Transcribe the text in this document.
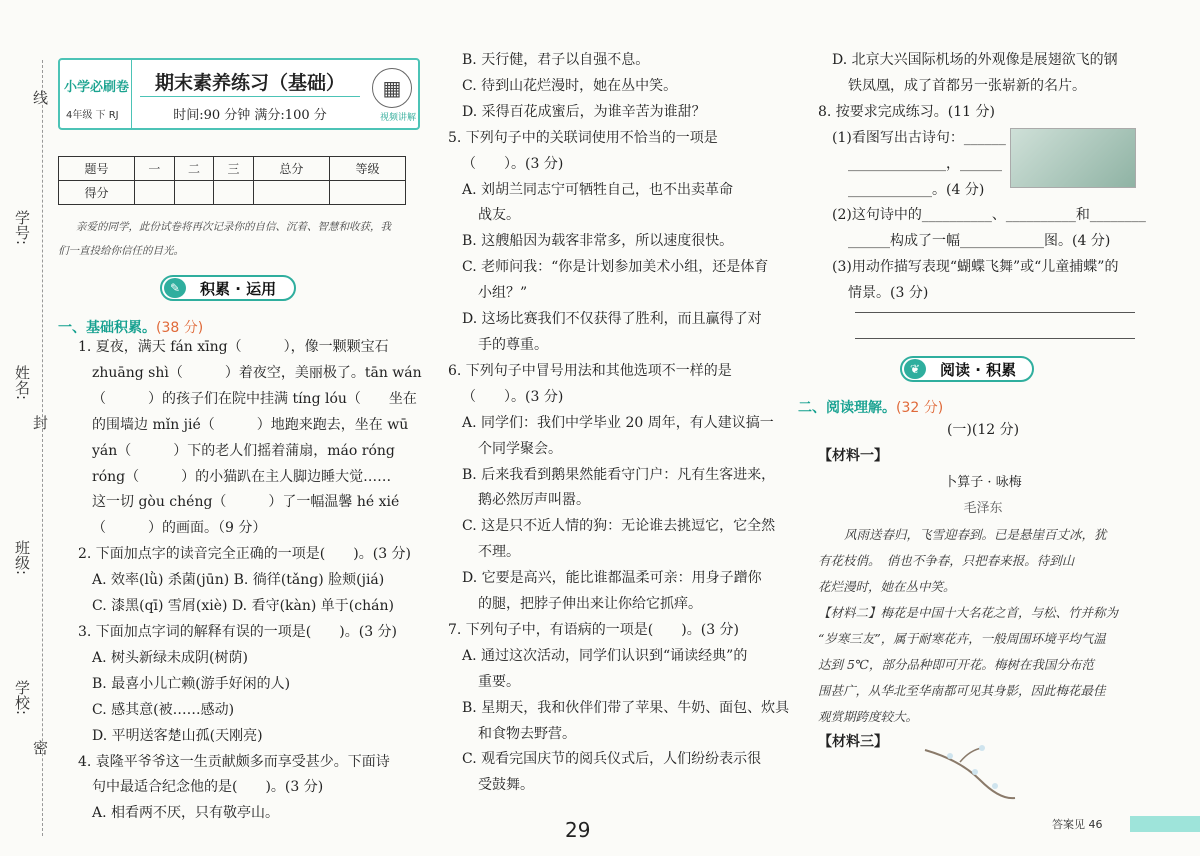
线
学号:
姓名:
封
班级:
学校:
密
小学必刷卷
4年级 下 RJ
期末素养练习（基础）
时间:90 分钟 满分:100 分
▦
视频讲解
题号	一	二	三	总分	等级
得分					

亲爱的同学，此份试卷将再次记录你的自信、沉着、智慧和收获，我

们一直投给你信任的目光。

✎	积累 · 运用
一、基础积累。(38 分)

1. 夏夜，满天 fán xīng（　　　），像一颗颗宝石

zhuāng shì（　　　）着夜空，美丽极了。tān wán

（　　　）的孩子们在院中挂满 tíng lóu（　　坐在

的围墙边 mǐn jié（　　　）地跑来跑去，坐在 wū

yán（　　　）下的老人们摇着蒲扇，máo róng

róng（　　　）的小猫趴在主人脚边睡大觉……

这一切 gòu chéng（　　　）了一幅温馨 hé xié

（　　　）的画面。（9 分）

2. 下面加点字的读音完全正确的一项是(　　)。(3 分)

A. 效率(lǜ) 杀菌(jūn) B. 徜徉(tǎng) 脸颊(jiá)

C. 漆黑(qī) 雪屑(xiè) D. 看守(kàn) 单于(chán)

3. 下面加点字词的解释有误的一项是(　　)。(3 分)

A. 树头新绿未成阴(树荫)

B. 最喜小儿亡赖(游手好闲的人)

C. 感其意(被……感动)

D. 平明送客楚山孤(天刚亮)

4. 袁隆平爷爷这一生贡献颇多而享受甚少。下面诗

句中最适合纪念他的是(　　)。(3 分)

A. 相看两不厌，只有敬亭山。

B. 天行健，君子以自强不息。

C. 待到山花烂漫时，她在丛中笑。

D. 采得百花成蜜后，为谁辛苦为谁甜？

5. 下列句子中的关联词使用不恰当的一项是

（　　）。(3 分)

A. 刘胡兰同志宁可牺牲自己，也不出卖革命

战友。

B. 这艘船因为载客非常多，所以速度很快。

C. 老师问我：“你是计划参加美术小组，还是体育

小组？”

D. 这场比赛我们不仅获得了胜利，而且赢得了对

手的尊重。

6. 下列句子中冒号用法和其他选项不一样的是

（　　）。(3 分)

A. 同学们：我们中学毕业 20 周年，有人建议搞一

个同学聚会。

B. 后来我看到鹅果然能看守门户：凡有生客进来，

鹅必然厉声叫嚣。

C. 这是只不近人情的狗：无论谁去挑逗它，它全然

不理。

D. 它要是高兴，能比谁都温柔可亲：用身子蹭你

的腿，把脖子伸出来让你给它抓痒。

7. 下列句子中，有语病的一项是(　　)。(3 分)

A. 通过这次活动，同学们认识到“诵读经典”的

重要。

B. 星期天，我和伙伴们带了苹果、牛奶、面包、炊具

和食物去野营。

C. 观看完国庆节的阅兵仪式后，人们纷纷表示很

受鼓舞。

D. 北京大兴国际机场的外观像是展翅欲飞的钢

铁凤凰，成了首都另一张崭新的名片。

8. 按要求完成练习。(11 分)

(1)看图写出古诗句：______

______________，______

____________。(4 分)

(2)这句诗中的__________、__________和________

______构成了一幅____________图。(4 分)

(3)用动作描写表现“蝴蝶飞舞”或“儿童捕蝶”的

情景。(3 分)

❦	阅读 · 积累
二、阅读理解。(32 分)

(一)(12 分)

【材料一】

卜算子 · 咏梅

毛泽东

风雨送春归，飞雪迎春到。已是悬崖百丈冰，犹

有花枝俏。　俏也不争春，只把春来报。待到山

花烂漫时，她在丛中笑。

【材料二】梅花是中国十大名花之首，与松、竹并称为

“岁寒三友”，属于耐寒花卉，一般周围环境平均气温

达到 5℃，部分品种即可开花。梅树在我国分布范

围甚广，从华北至华南都可见其身影，因此梅花最佳

观赏期跨度较大。

【材料三】

29	答案见 46
